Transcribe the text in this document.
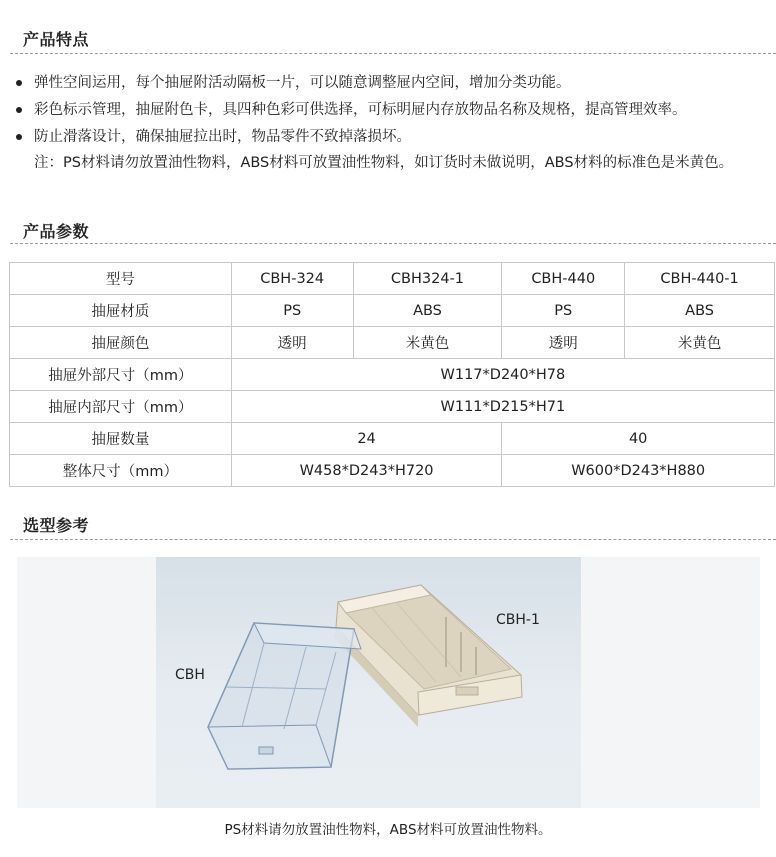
产品特点
弹性空间运用，每个抽屉附活动隔板一片，可以随意调整屉内空间，增加分类功能。
彩色标示管理，抽屉附色卡，具四种色彩可供选择，可标明屉内存放物品名称及规格，提高管理效率。
防止滑落设计，确保抽屉拉出时，物品零件不致掉落损坏。
注：PS材料请勿放置油性物料，ABS材料可放置油性物料，如订货时未做说明，ABS材料的标准色是米黄色。
产品参数
型号	CBH-324	CBH324-1	CBH-440	CBH-440-1
抽屉材质	PS	ABS	PS	ABS
抽屉颜色	透明	米黄色	透明	米黄色
抽屉外部尺寸（mm）	W117*D240*H78			
抽屉内部尺寸（mm）	W111*D215*H71			
抽屉数量	24		40	
整体尺寸（mm）	W458*D243*H720		W600*D243*H880	
选型参考
CBH
CBH-1
PS材料请勿放置油性物料，ABS材料可放置油性物料。
